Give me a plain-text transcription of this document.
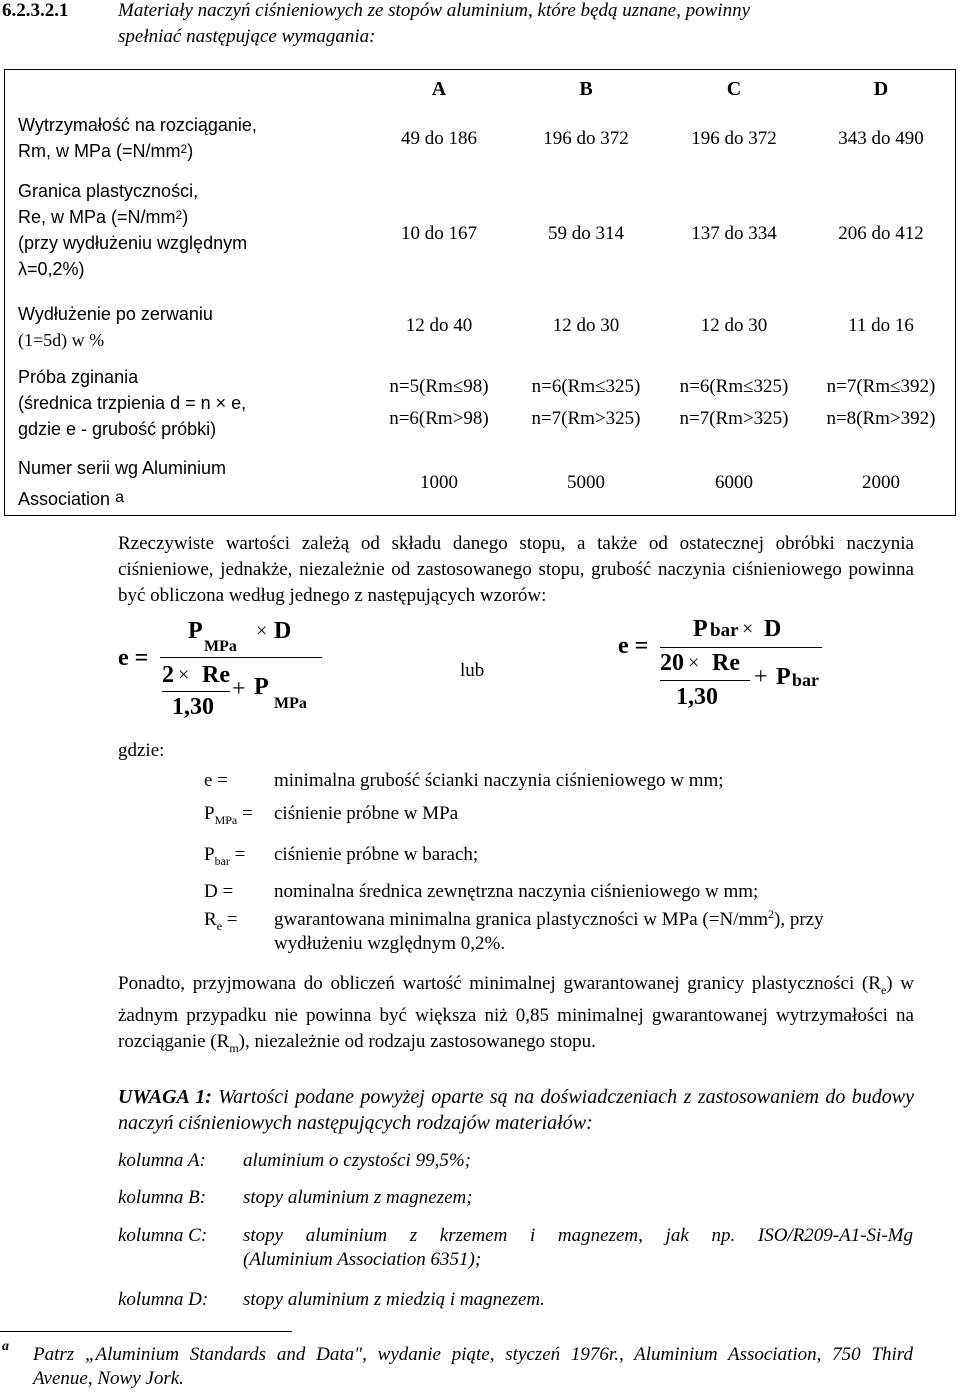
6.2.3.2.1	Materiały naczyń ciśnieniowych ze stopów aluminium, które będą uznane, powinny
spełniać następujące wymagania:
A	B	C	D
Wytrzymałość na rozciąganie,
Rm, w MPa $(=N/mm^2)$
49 do 186	196 do 372	196 do 372	343 do 490
Granica plastyczności,
Re, w MPa $(=N/mm^2)$
(przy wydłużeniu względnym
λ=0,2%)
10 do 167	59 do 314	137 do 334	206 do 412
Wydłużenie po zerwaniu
(1=5d) w %
12 do 40	12 do 30	12 do 30	11 do 16
Próba zginania
(średnica trzpienia d = n × e,
gdzie e - grubość próbki)
n=5(Rm≤98)	n=6(Rm≤325)	n=6(Rm≤325)	n=7(Rm≤392)
n=6(Rm>98)	n=7(Rm>325)	n=7(Rm>325)	n=8(Rm>392)
Numer serii wg Aluminium
Association $^a$
1000	5000	6000	2000
Rzeczywiste wartości zależą od składu danego stopu, a także od ostatecznej obróbki naczynia ciśnieniowe, jednakże, niezależnie od zastosowanego stopu, grubość naczynia ciśnieniowego powinna być obliczona według jednego z następujących wzorów:
e =
P
MPa
× D
2 × Re
1,30
+ P
MPa
lub
e =
P bar × D
20 × Re
1,30
+ P bar
gdzie:
e = minimalna grubość ścianki naczynia ciśnieniowego w mm;
$P_{MPa}$ = ciśnienie próbne w MPa
$P_{bar}$ = ciśnienie próbne w barach;
D = nominalna średnica zewnętrzna naczynia ciśnieniowego w mm;
$R_e$ = gwarantowana minimalna granica plastyczności w MPa $(=N/mm^2)$, przy
wydłużeniu względnym 0,2%.
Ponadto, przyjmowana do obliczeń wartość minimalnej gwarantowanej granicy plastyczności $(R_e)$ w żadnym przypadku nie powinna być większa niż 0,85 minimalnej gwarantowanej wytrzymałości na rozciąganie $(R_m)$, niezależnie od rodzaju zastosowanego stopu.
UWAGA 1: Wartości podane powyżej oparte są na doświadczeniach z zastosowaniem do budowy naczyń ciśnieniowych następujących rodzajów materiałów:
kolumna A: aluminium o czystości 99,5%;
kolumna B: stopy aluminium z magnezem;
kolumna C: stopy aluminium z krzemem i magnezem, jak np. ISO/R209-A1-Si-Mg
(Aluminium Association 6351);
kolumna D: stopy aluminium z miedzią i magnezem.
a Patrz „Aluminium Standards and Data", wydanie piąte, styczeń 1976r., Aluminium Association, 750 Third
Avenue, Nowy Jork.
